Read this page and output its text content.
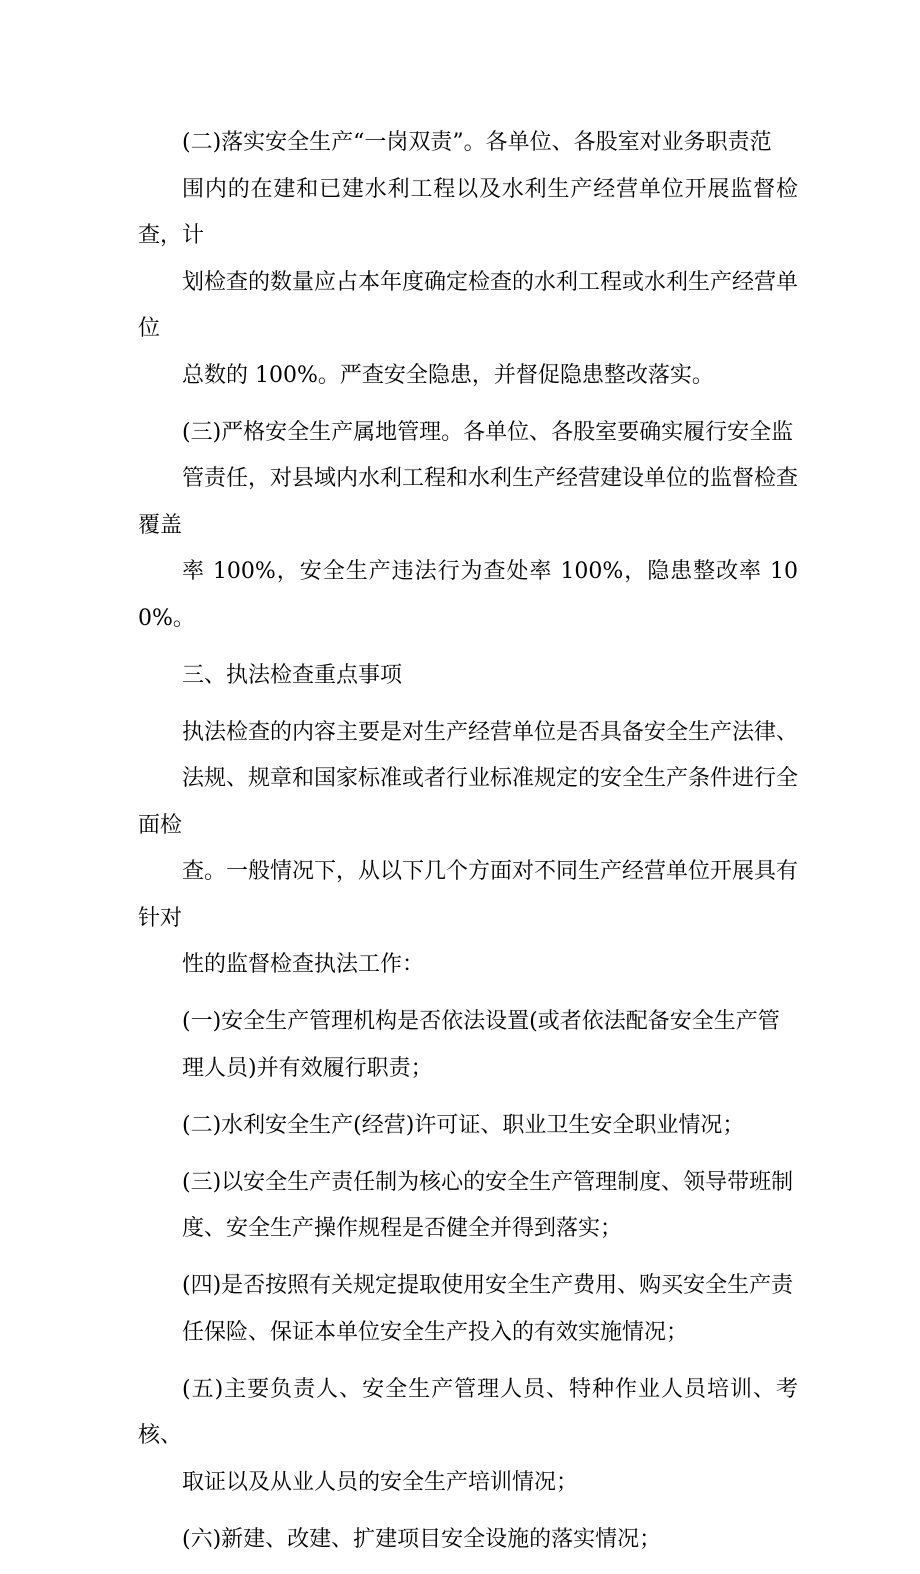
(二)落实安全生产“一岗双责”。各单位、各股室对业务职责范
围内的在建和已建水利工程以及水利生产经营单位开展监督检查，计
划检查的数量应占本年度确定检查的水利工程或水利生产经营单位
总数的 100%。严查安全隐患，并督促隐患整改落实。

(三)严格安全生产属地管理。各单位、各股室要确实履行安全监
管责任，对县域内水利工程和水利生产经营建设单位的监督检查覆盖
率 100%，安全生产违法行为查处率 100%，隐患整改率 100%。

三、执法检查重点事项

执法检查的内容主要是对生产经营单位是否具备安全生产法律、
法规、规章和国家标准或者行业标准规定的安全生产条件进行全面检
查。一般情况下，从以下几个方面对不同生产经营单位开展具有针对
性的监督检查执法工作：

(一)安全生产管理机构是否依法设置(或者依法配备安全生产管
理人员)并有效履行职责；

(二)水利安全生产(经营)许可证、职业卫生安全职业情况；

(三)以安全生产责任制为核心的安全生产管理制度、领导带班制
度、安全生产操作规程是否健全并得到落实；

(四)是否按照有关规定提取使用安全生产费用、购买安全生产责
任保险、保证本单位安全生产投入的有效实施情况；

(五)主要负责人、安全生产管理人员、特种作业人员培训、考核、
取证以及从业人员的安全生产培训情况；

(六)新建、改建、扩建项目安全设施的落实情况；
